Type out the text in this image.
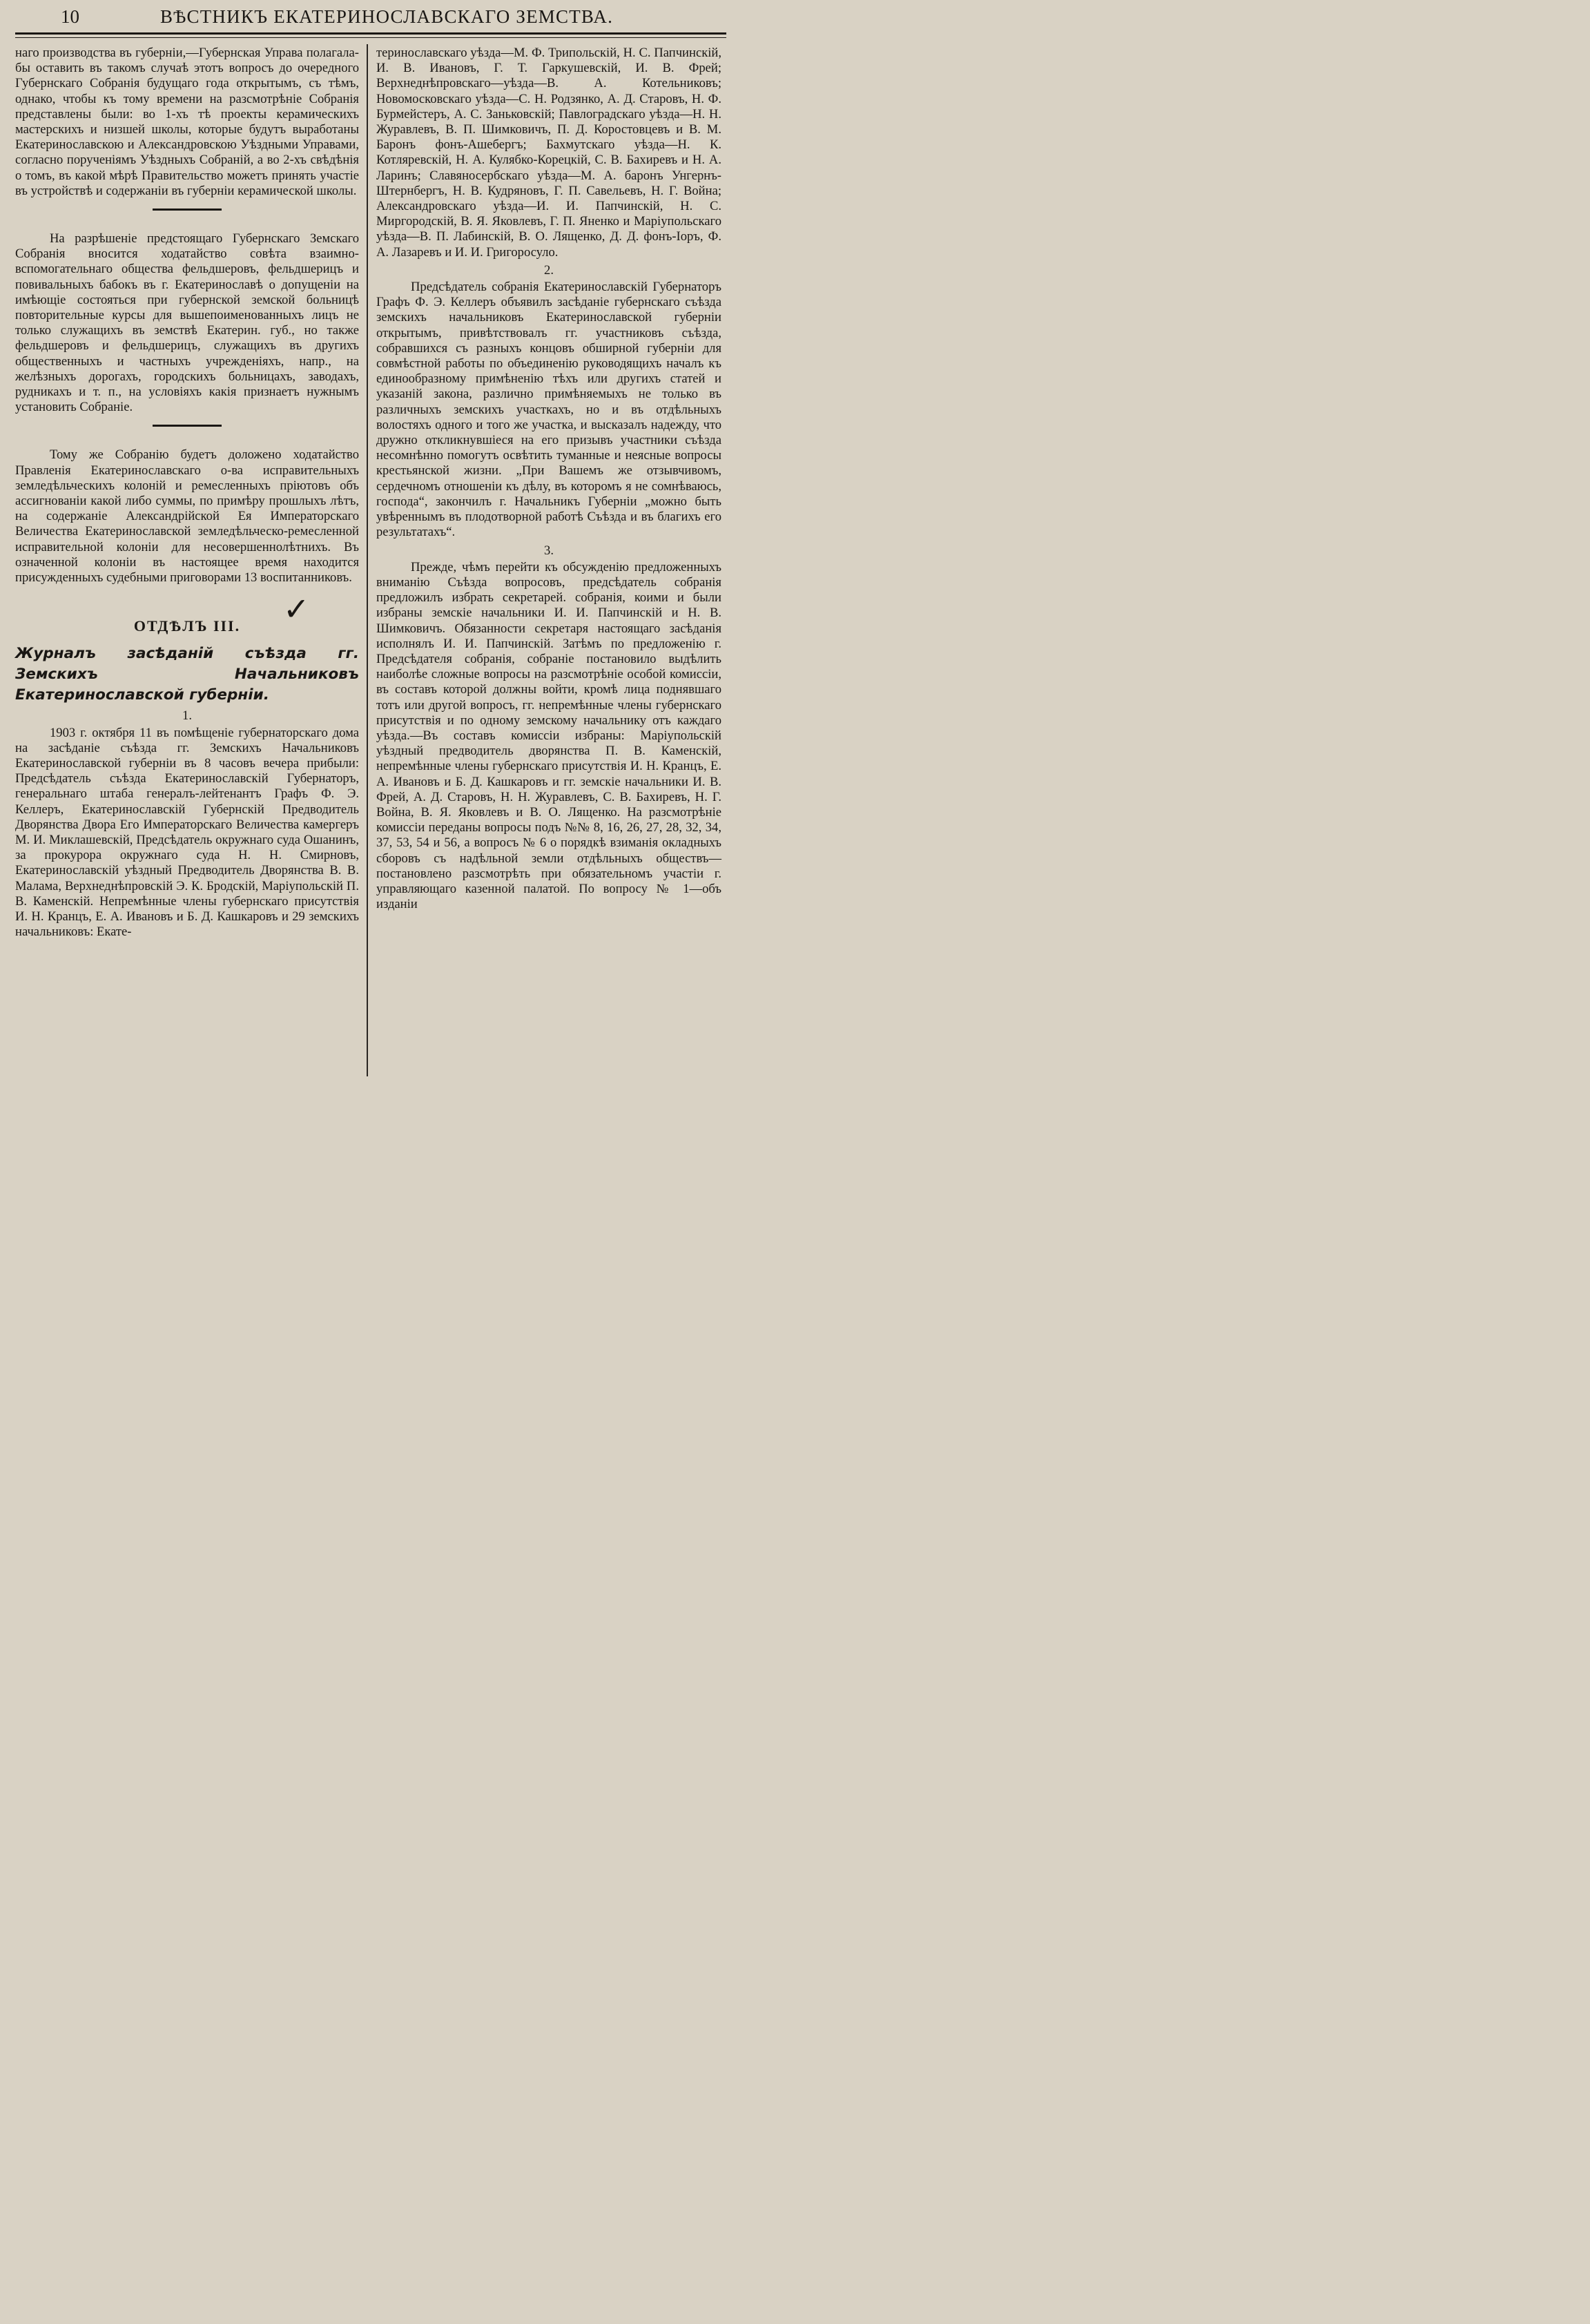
10	ВѢСТНИКЪ ЕКАТЕРИНОСЛАВСКАГО ЗЕМСТВА.

наго производства въ губерніи,—Губернская Управа полагала-бы оставить въ такомъ случаѣ этотъ вопросъ до очередного Губернскаго Собранія будущаго года открытымъ, съ тѣмъ, однако, чтобы къ тому времени на разсмотрѣніе Собранія представлены были: во 1-хъ тѣ проекты керамическихъ мастерскихъ и низшей школы, которые будутъ выработаны Екатеринославскою и Александровскою Уѣздными Управами, согласно порученіямъ Уѣздныхъ Собраній, а во 2-хъ свѣдѣнія о томъ, въ какой мѣрѣ Правительство можетъ принять участіе въ устройствѣ и содержаніи въ губерніи керамической школы.

На разрѣшеніе предстоящаго Губернскаго Земскаго Собранія вносится ходатайство совѣта взаимно-вспомогательнаго общества фельдшеровъ, фельдшерицъ и повивальныхъ бабокъ въ г. Екатеринославѣ о допущеніи на имѣющіе состояться при губернской земской больницѣ повторительные курсы для вышепоименованныхъ лицъ не только служащихъ въ земствѣ Екатерин. губ., но также фельдшеровъ и фельдшерицъ, служащихъ въ другихъ общественныхъ и частныхъ учрежденіяхъ, напр., на желѣзныхъ дорогахъ, городскихъ больницахъ, заводахъ, рудникахъ и т. п., на условіяхъ какія признаетъ нужнымъ установить Собраніе.

Тому же Собранію будетъ доложено ходатайство Правленія Екатеринославскаго о-ва исправительныхъ земледѣльческихъ колоній и ремесленныхъ пріютовъ объ ассигнованіи какой либо суммы, по примѣру прошлыхъ лѣтъ, на содержаніе Александрійской Ея Императорскаго Величества Екатеринославской земледѣльческо-ремесленной исправительной колоніи для несовершеннолѣтнихъ. Въ означенной колоніи въ настоящее время находится присужденныхъ судебными приговорами 13 воспитанниковъ.

ОТДѢЛЪ III. ✓
Журналъ засѣданій съѣзда гг. Земскихъ Начальниковъ Екатеринославской губерніи.
1.

1903 г. октября 11 въ помѣщеніе губернаторскаго дома на засѣданіе съѣзда гг. Земскихъ Начальниковъ Екатеринославской губерніи въ 8 часовъ вечера прибыли: Предсѣдатель съѣзда Екатеринославскій Губернаторъ, генеральнаго штаба генералъ-лейтенантъ Графъ Ф. Э. Келлеръ, Екатеринославскій Губернскій Предводитель Дворянства Двора Его Императорскаго Величества камергеръ М. И. Миклашевскій, Предсѣдатель окружнаго суда Ошанинъ, за прокурора окружнаго суда Н. Н. Смирновъ, Екатеринославскій уѣздный Предводитель Дворянства В. В. Малама, Верхнеднѣпровскій Э. К. Бродскій, Маріупольскій П. В. Каменскій. Непремѣнные члены губернскаго присутствія И. Н. Кранцъ, Е. А. Ивановъ и Б. Д. Кашкаровъ и 29 земскихъ начальниковъ: Екате-

теринославскаго уѣзда—М. Ф. Трипольскій, Н. С. Папчинскій, И. В. Ивановъ, Г. Т. Гаркушевскій, И. В. Фрей; Верхнеднѣпровскаго—уѣзда—В. А. Котельниковъ; Новомосковскаго уѣзда—С. Н. Родзянко, А. Д. Старовъ, Н. Ф. Бурмейстеръ, А. С. Заньковскій; Павлоградскаго уѣзда—Н. Н. Журавлевъ, В. П. Шимковичъ, П. Д. Коростовцевъ и В. М. Баронъ фонъ-Ашебергъ; Бахмутскаго уѣзда—Н. К. Котляревскій, Н. А. Кулябко-Корецкій, С. В. Бахиревъ и Н. А. Ларинъ; Славяносербскаго уѣзда—М. А. баронъ Унгернъ-Штернбергъ, Н. В. Кудряновъ, Г. П. Савельевъ, Н. Г. Война; Александровскаго уѣзда—И. И. Папчинскій, Н. С. Миргородскій, В. Я. Яковлевъ, Г. П. Яненко и Маріупольскаго уѣзда—В. П. Лабинскій, В. О. Лященко, Д. Д. фонъ-Іоръ, Ф. А. Лазаревъ и И. И. Григоросуло.

2.

Предсѣдатель собранія Екатеринославскій Губернаторъ Графъ Ф. Э. Келлеръ объявилъ засѣданіе губернскаго съѣзда земскихъ начальниковъ Екатеринославской губерніи открытымъ, привѣтствовалъ гг. участниковъ съѣзда, собравшихся съ разныхъ концовъ обширной губерніи для совмѣстной работы по объединенію руководящихъ началъ къ единообразному примѣненію тѣхъ или другихъ статей и указаній закона, различно примѣняемыхъ не только въ различныхъ земскихъ участкахъ, но и въ отдѣльныхъ волостяхъ одного и того же участка, и высказалъ надежду, что дружно откликнувшіеся на его призывъ участники съѣзда несомнѣнно помогутъ освѣтить туманные и неясные вопросы крестьянской жизни. „При Вашемъ же отзывчивомъ, сердечномъ отношеніи къ дѣлу, въ которомъ я не сомнѣваюсь, господа“, закончилъ г. Начальникъ Губерніи „можно быть увѣреннымъ въ плодотворной работѣ Съѣзда и въ благихъ его результатахъ“.

3.

Прежде, чѣмъ перейти къ обсужденію предложенныхъ вниманію Съѣзда вопросовъ, предсѣдатель собранія предложилъ избрать секретарей. собранія, коими и были избраны земскіе начальники И. И. Папчинскій и Н. В. Шимковичъ. Обязанности секретаря настоящаго засѣданія исполнялъ И. И. Папчинскій. Затѣмъ по предложенію г. Предсѣдателя собранія, собраніе постановило выдѣлить наиболѣе сложные вопросы на разсмотрѣніе особой комиссіи, въ составъ которой должны войти, кромѣ лица поднявшаго тотъ или другой вопросъ, гг. непремѣнные члены губернскаго присутствія и по одному земскому начальнику отъ каждаго уѣзда.—Въ составъ комиссіи избраны: Маріупольскій уѣздный предводитель дворянства П. В. Каменскій, непремѣнные члены губернскаго присутствія И. Н. Кранцъ, Е. А. Ивановъ и Б. Д. Кашкаровъ и гг. земскіе начальники И. В. Фрей, А. Д. Старовъ, Н. Н. Журавлевъ, С. В. Бахиревъ, Н. Г. Война, В. Я. Яковлевъ и В. О. Лященко. На разсмотрѣніе комиссіи переданы вопросы подъ №№ 8, 16, 26, 27, 28, 32, 34, 37, 53, 54 и 56, а вопросъ № 6 о порядкѣ взиманія окладныхъ сборовъ съ надѣльной земли отдѣльныхъ обществъ—постановлено разсмотрѣть при обязательномъ участіи г. управляющаго казенной палатой. По вопросу № 1—объ изданіи
